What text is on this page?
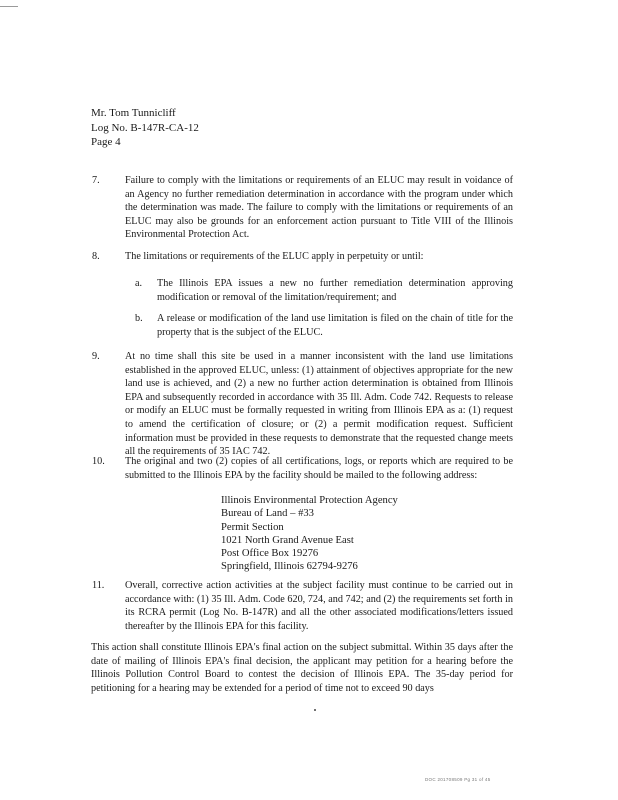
Mr. Tom Tunnicliff
Log No. B-147R-CA-12
Page 4
7. Failure to comply with the limitations or requirements of an ELUC may result in voidance of an Agency no further remediation determination in accordance with the program under which the determination was made. The failure to comply with the limitations or requirements of an ELUC may also be grounds for an enforcement action pursuant to Title VIII of the Illinois Environmental Protection Act.

8. The limitations or requirements of the ELUC apply in perpetuity or until:

a. The Illinois EPA issues a new no further remediation determination approving modification or removal of the limitation/requirement; and

b. A release or modification of the land use limitation is filed on the chain of title for the property that is the subject of the ELUC.

9. At no time shall this site be used in a manner inconsistent with the land use limitations established in the approved ELUC, unless: (1) attainment of objectives appropriate for the new land use is achieved, and (2) a new no further action determination is obtained from Illinois EPA and subsequently recorded in accordance with 35 Ill. Adm. Code 742. Requests to release or modify an ELUC must be formally requested in writing from Illinois EPA as a: (1) request to amend the certification of closure; or (2) a permit modification request. Sufficient information must be provided in these requests to demonstrate that the requested change meets all the requirements of 35 IAC 742.

10. The original and two (2) copies of all certifications, logs, or reports which are required to be submitted to the Illinois EPA by the facility should be mailed to the following address:

Illinois Environmental Protection Agency
Bureau of Land – #33
Permit Section
1021 North Grand Avenue East
Post Office Box 19276
Springfield, Illinois 62794-9276
11. Overall, corrective action activities at the subject facility must continue to be carried out in accordance with: (1) 35 Ill. Adm. Code 620, 724, and 742; and (2) the requirements set forth in its RCRA permit (Log No. B-147R) and all the other associated modifications/letters issued thereafter by the Illinois EPA for this facility.

This action shall constitute Illinois EPA's final action on the subject submittal. Within 35 days after the date of mailing of Illinois EPA's final decision, the applicant may petition for a hearing before the Illinois Pollution Control Board to contest the decision of Illinois EPA. The 35-day period for petitioning for a hearing may be extended for a period of time not to exceed 90 days

DOC 201708509 Pg 31 of 45
